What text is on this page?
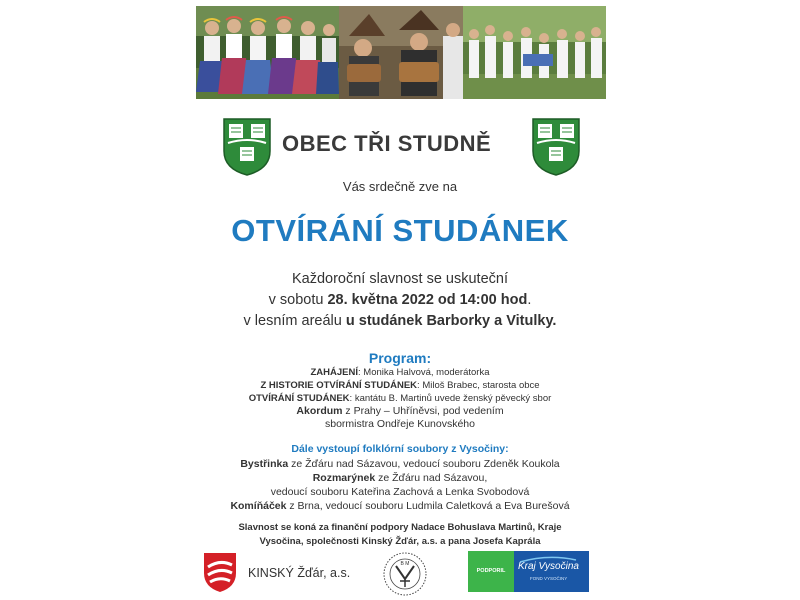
OBEC TŘI STUDNĚ
Vás srdečně zve na
OTVÍRÁNÍ STUDÁNEK
Každoroční slavnost se uskuteční
v sobotu 28. května 2022 od 14:00 hod.
v lesním areálu u studánek Barborky a Vitulky.
Program:
ZAHÁJENÍ: Monika Halvová, moderátorka
Z HISTORIE OTVÍRÁNÍ STUDÁNEK: Miloš Brabec, starosta obce
OTVÍRÁNÍ STUDÁNEK: kantátu B. Martinů uvede ženský pěvecký sbor
Akordum z Prahy – Uhříněvsi, pod vedením
sbormistra Ondřeje Kunovského
Dále vystoupí folklórní soubory z Vysočiny:
Bystřinka ze Žďáru nad Sázavou, vedoucí souboru Zdeněk Koukola
Rozmarýnek ze Žďáru nad Sázavou,
vedoucí souboru Kateřina Zachová a Lenka Svobodová
Komíňáček z Brna, vedoucí souboru Ludmila Caletková a Eva Burešová
Slavnost se koná za finanční podpory Nadace Bohuslava Martinů, Kraje
Vysočina, společnosti Kinský Žďár, a.s. a pana Josefa Kaprála
KINSKÝ Žďár, a.s.
B M
PODPORIL	Kraj Vysočina
FOND VYSOČINY
